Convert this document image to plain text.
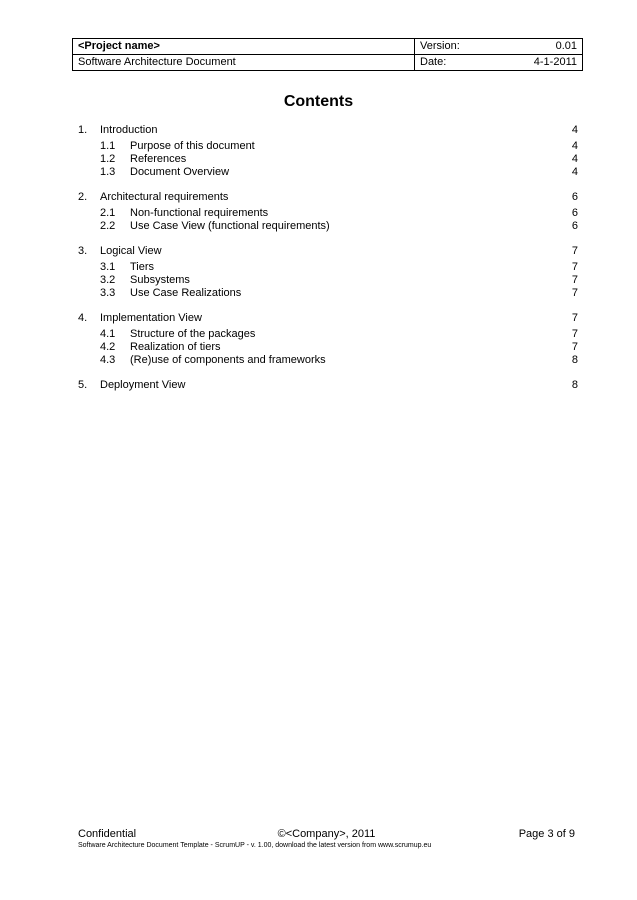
<Project name>	Version:	0.01
Software Architecture Document	Date:	4-1-2011
Contents
1. Introduction	4
1.1 Purpose of this document	4
1.2 References	4
1.3 Document Overview	4
2. Architectural requirements	6
2.1 Non-functional requirements	6
2.2 Use Case View (functional requirements)	6
3. Logical View	7
3.1 Tiers	7
3.2 Subsystems	7
3.3 Use Case Realizations	7
4. Implementation View	7
4.1 Structure of the packages	7
4.2 Realization of tiers	7
4.3 (Re)use of components and frameworks	8
5. Deployment View	8
Confidential	©<Company>, 2011	Page 3 of 9
Software Architecture Document Template - ScrumUP - v. 1.00, download the latest version from www.scrumup.eu
